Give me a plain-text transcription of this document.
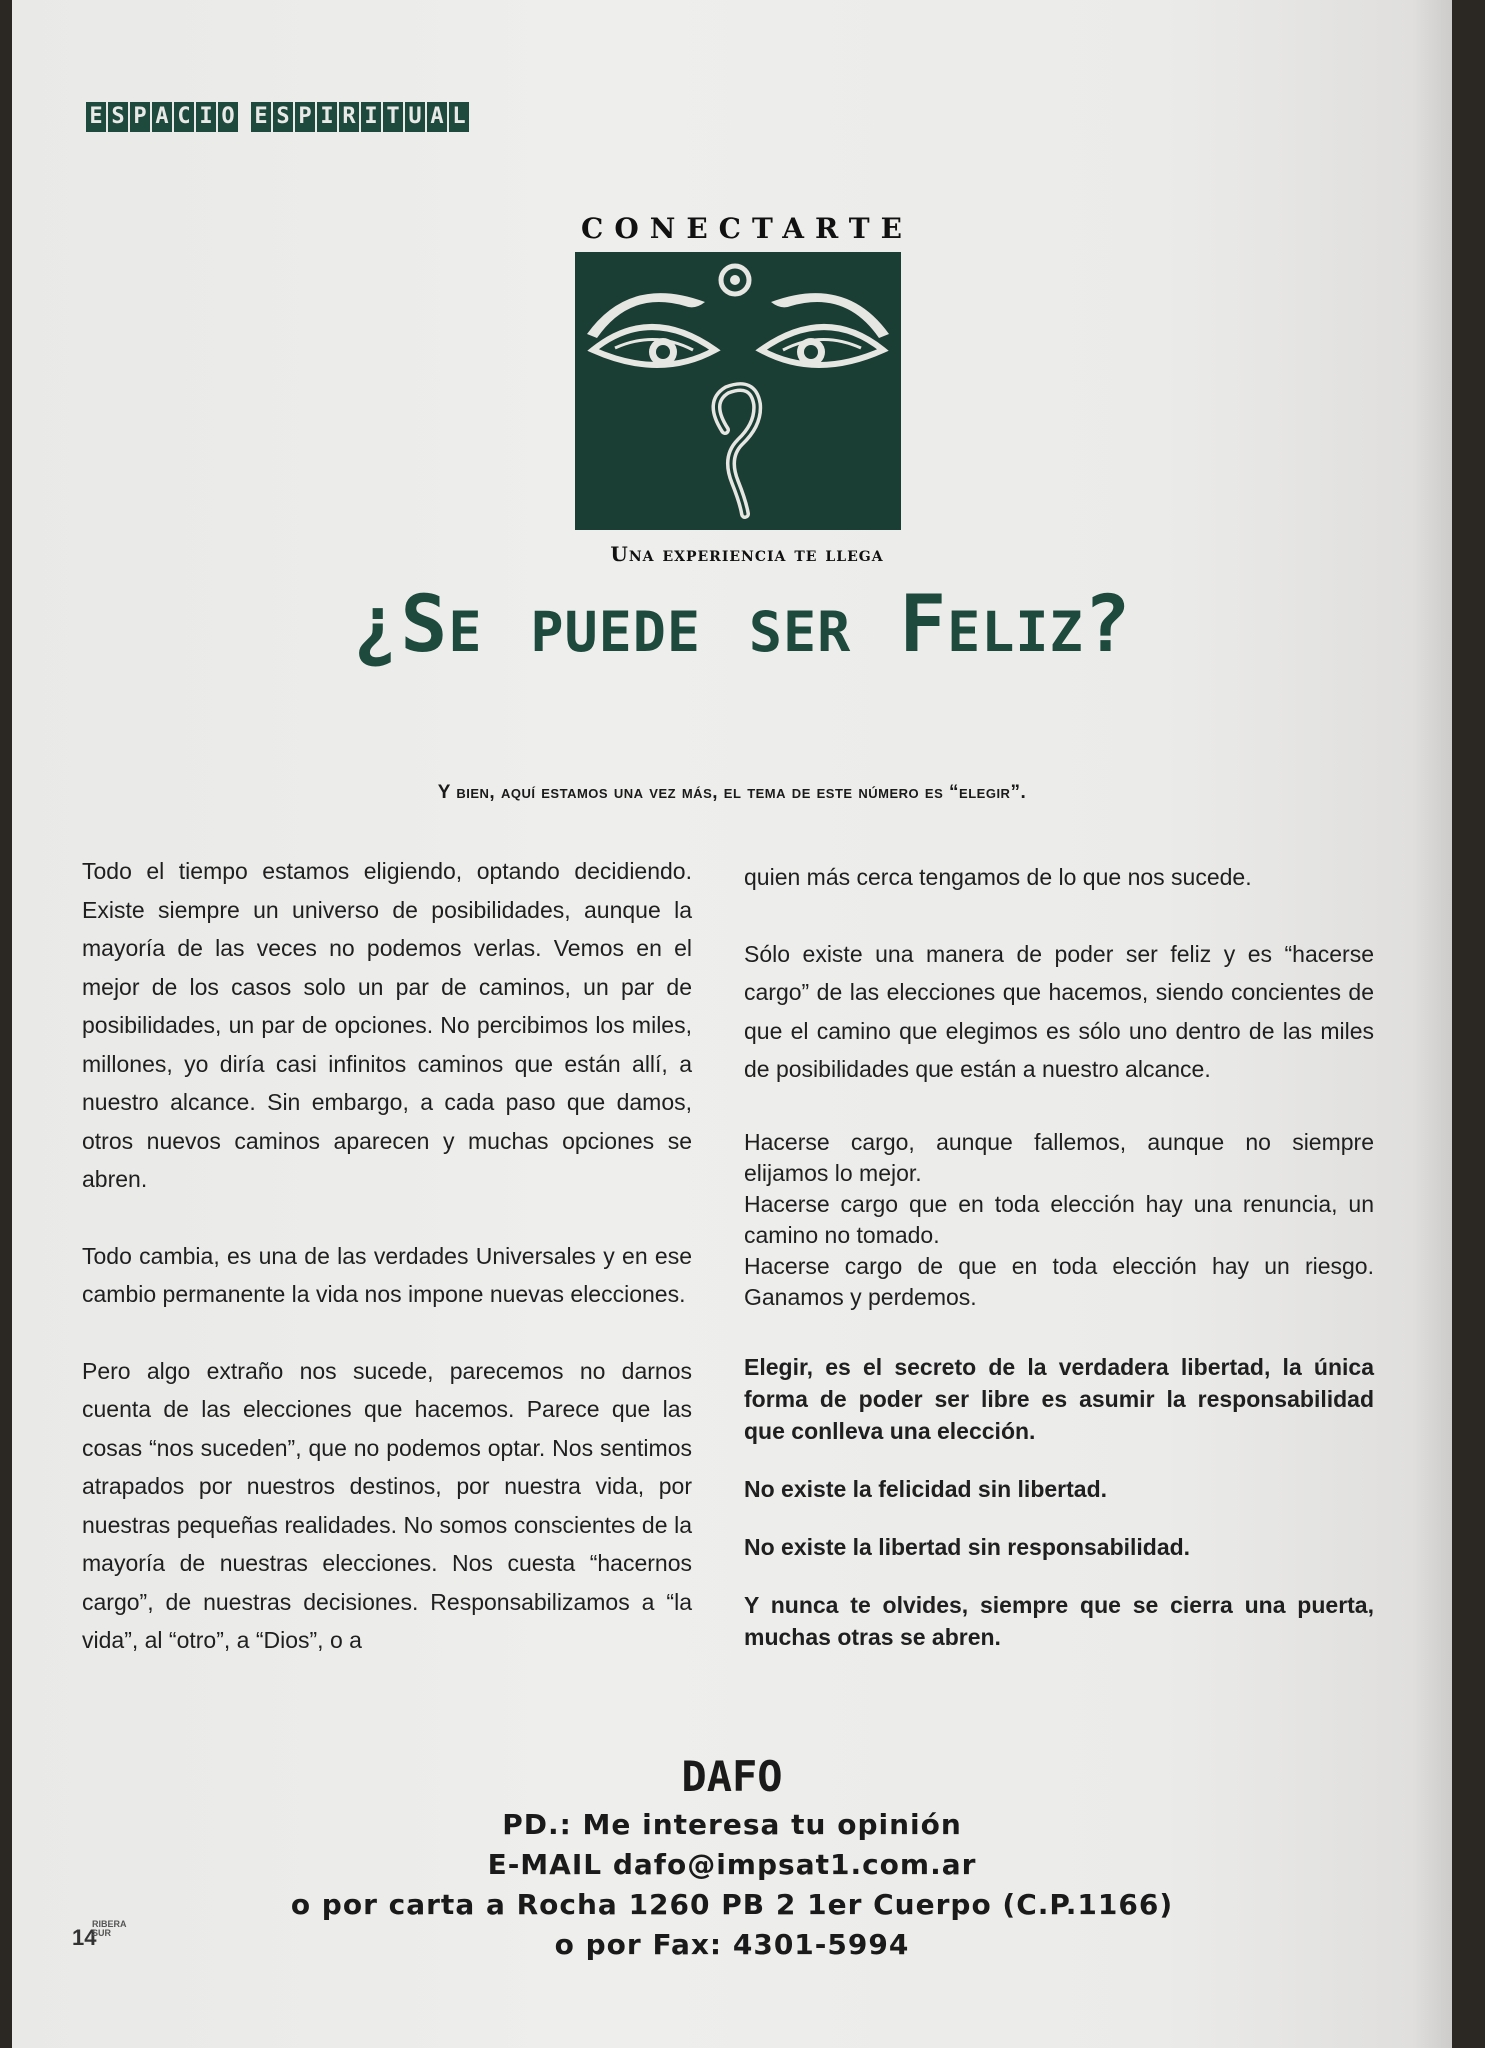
E S P A C I O E S P I R I T U A L
CONECTARTE
Una experiencia te llega
¿Se puede ser Feliz?
Y bien, aquí estamos una vez más, el tema de este número es “elegir”.

Todo el tiempo estamos eligiendo, optando decidiendo. Existe siempre un universo de posibilidades, aunque la mayoría de las veces no podemos verlas. Vemos en el mejor de los casos solo un par de caminos, un par de posibilidades, un par de opciones. No percibimos los miles, millones, yo diría casi infinitos caminos que están allí, a nuestro alcance. Sin embargo, a cada paso que damos, otros nuevos caminos aparecen y muchas opciones se abren.

Todo cambia, es una de las verdades Universales y en ese cambio permanente la vida nos impone nuevas elecciones.

Pero algo extraño nos sucede, parecemos no darnos cuenta de las elecciones que hacemos. Parece que las cosas “nos suceden”, que no podemos optar. Nos sentimos atrapados por nuestros destinos, por nuestra vida, por nuestras pequeñas realidades. No somos conscientes de la mayoría de nuestras elecciones. Nos cuesta “hacernos cargo”, de nuestras decisiones. Responsabilizamos a “la vida”, al “otro”, a “Dios”, o a

quien más cerca tengamos de lo que nos sucede.

Sólo existe una manera de poder ser feliz y es “hacerse cargo” de las elecciones que hacemos, siendo concientes de que el camino que elegimos es sólo uno dentro de las miles de posibilidades que están a nuestro alcance.

Hacerse cargo, aunque fallemos, aunque no siempre elijamos lo mejor.

Hacerse cargo que en toda elección hay una renuncia, un camino no tomado.

Hacerse cargo de que en toda elección hay un riesgo. Ganamos y perdemos.

Elegir, es el secreto de la verdadera libertad, la única forma de poder ser libre es asumir la responsabilidad que conlleva una elección.

No existe la felicidad sin libertad.

No existe la libertad sin responsabilidad.

Y nunca te olvides, siempre que se cierra una puerta, muchas otras se abren.

DAFO
PD.: Me interesa tu opinión
E-MAIL dafo@impsat1.com.ar
o por carta a Rocha 1260 PB 2 1er Cuerpo (C.P.1166)
o por Fax: 4301-5994
14
RIBERA
SUR
